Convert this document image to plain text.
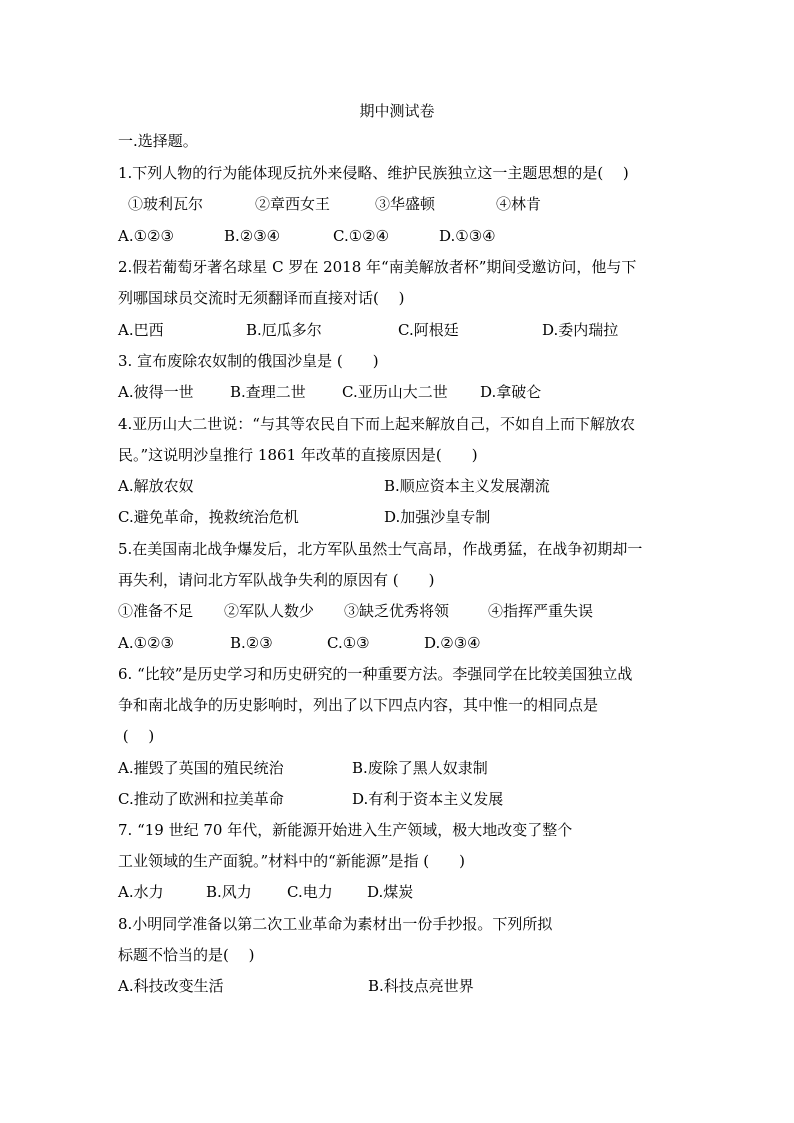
期中测试卷
一.选择题。
1.下列人物的行为能体现反抗外来侵略、维护民族独立这一主题思想的是(　 )
①玻利瓦尔	②章西女王	③华盛顿	④林肯
A.①②③	B.②③④	C.①②④	D.①③④
2.假若葡萄牙著名球星 C 罗在 2018 年“南美解放者杯”期间受邀访问，他与下
列哪国球员交流时无须翻译而直接对话(　 )
A.巴西	B.厄瓜多尔	C.阿根廷	D.委内瑞拉
3. 宣布废除农奴制的俄国沙皇是 (　　)
A.彼得一世 B.查理二世 C.亚历山大二世 D.拿破仑
4.亚历山大二世说：“与其等农民自下而上起来解放自己，不如自上而下解放农
民。”这说明沙皇推行 1861 年改革的直接原因是(　　)
A.解放农奴	B.顺应资本主义发展潮流
C.避免革命，挽救统治危机	D.加强沙皇专制
5.在美国南北战争爆发后，北方军队虽然士气高昂，作战勇猛，在战争初期却一
再失利，请问北方军队战争失利的原因有 (　　)
①准备不足 ②军队人数少 ③缺乏优秀将领	④指挥严重失误
A.①②③	B.②③	C.①③	D.②③④
6. “比较”是历史学习和历史研究的一种重要方法。李强同学在比较美国独立战
争和南北战争的历史影响时，列出了以下四点内容，其中惟一的相同点是
(　 )
A.摧毁了英国的殖民统治	B.废除了黑人奴隶制
C.推动了欧洲和拉美革命	D.有利于资本主义发展
7. “19 世纪 70 年代，新能源开始进入生产领域，极大地改变了整个
工业领域的生产面貌。”材料中的“新能源”是指 (　　)
A.水力	B.风力 C.电力 D.煤炭
8.小明同学准备以第二次工业革命为素材出一份手抄报。下列所拟
标题不恰当的是(　 )
A.科技改变生活	B.科技点亮世界
